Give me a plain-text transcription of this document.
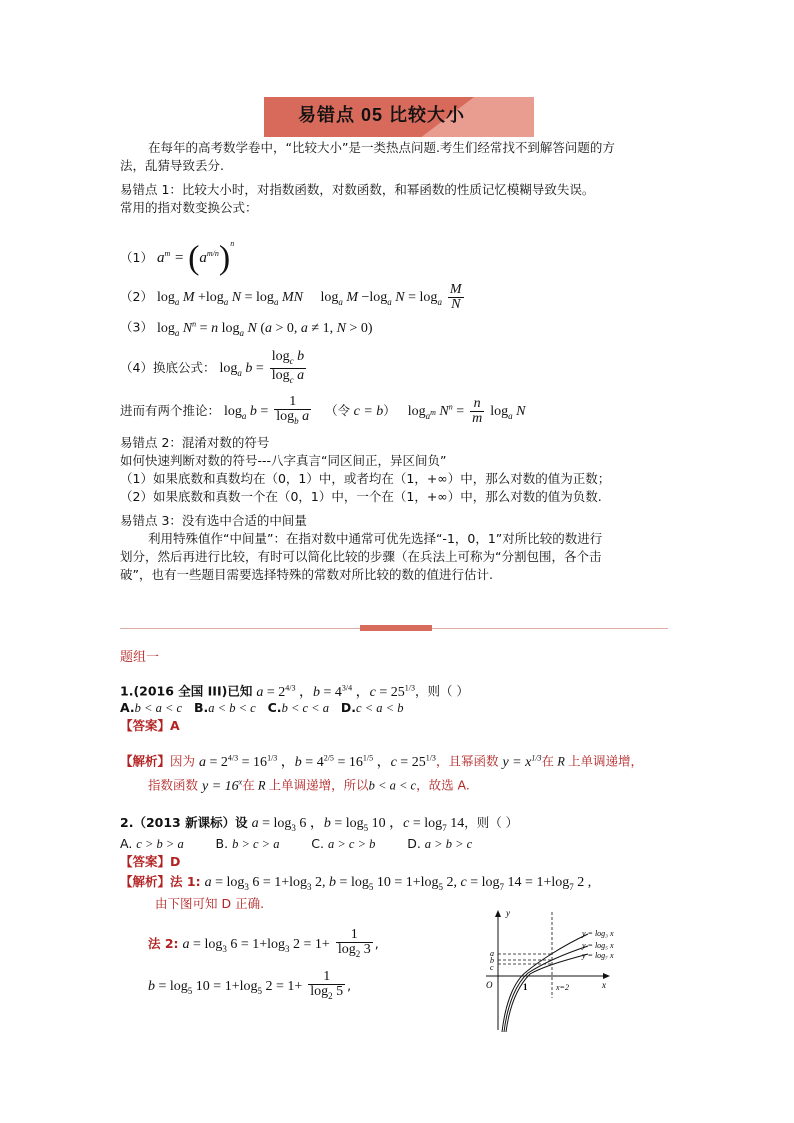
易错点 05 比较大小
在每年的高考数学卷中，“比较大小”是一类热点问题.考生们经常找不到解答问题的方
法，乱猜导致丢分.
易错点 1：比较大小时，对指数函数，对数函数，和幂函数的性质记忆模糊导致失误。
常用的指对数变换公式：
（1） $a^m = (a^{m/n})^n$
（2） $\log_a M +\log_a$ $N = \log_a$ MN     $\log_a M -\log_a$ $N = \log_a \frac{M}{N}$
（3） $\log_a N^n = n$ $\log_a N$ (a > 0, a ≠ 1, N > 0)
（4）换底公式： $\log_a b = \frac{\log_c b}{\log_c a}$
进而有两个推论： $\log_a b = \frac{1}{\log_b a}$ （令 c = b）   $\log_{a^m} N^n = \frac{n}{m} \log_a N$
易错点 2：混淆对数的符号
如何快速判断对数的符号---八字真言“同区间正，异区间负”
（1）如果底数和真数均在（0，1）中，或者均在（1，+∞）中，那么对数的值为正数；
（2）如果底数和真数一个在（0，1）中，一个在（1，+∞）中，那么对数的值为负数.
易错点 3：没有选中合适的中间量
利用特殊值作“中间量”：在指对数中通常可优先选择“-1，0，1”对所比较的数进行
划分，然后再进行比较，有时可以简化比较的步骤（在兵法上可称为“分割包围，各个击
破”，也有一些题目需要选择特殊的常数对所比较的数的值进行估计.
题组一
1.(2016 全国 III)已知 $a = 2^{4/3}$ ，$b = 4^{3/4}$ ，$c = 25^{1/3}$，则（ ）
A.b < a < c B.a < b < c C.b < c < a D.c < a < b
【答案】A
【解析】因为 $a = 2^{4/3} = 16^{1/3}$ ，$b = 4^{2/5} = 16^{1/5}$ ，$c = 25^{1/3}$，且幂函数 $y = x^{1/3}$在 R 上单调递增，
指数函数 $y = 16^x$在 R 上单调递增，所以b < a < c，故选 A.
2.（2013 新课标）设 $a = \log_3 6$ ，$b = \log_5 10$ ，$c = \log_7 14$，则（ ）
A. c > b > a	B. b > c > a	C. a > c > b	D. a > b > c
【答案】D
【解析】法 1: $a = \log_3 6 = 1+\log_3$ 2, $b = \log_5 10 = 1+\log_5$ 2, $c = \log_7 14 = 1+\log_7$ 2 ,
由下图可知 D 正确.
法 2: $a = \log_3 6 = 1+\log_3$ $2 = 1+ \frac{1}{\log_2 3}$ ,
$b = \log_5 10 = 1+\log_5$ $2 = 1+ \frac{1}{\log_2 5}$ ,
y
x
O	1	x=2
a
b
c
y = log₃ x
y = log₅ x
y = log₇ x
